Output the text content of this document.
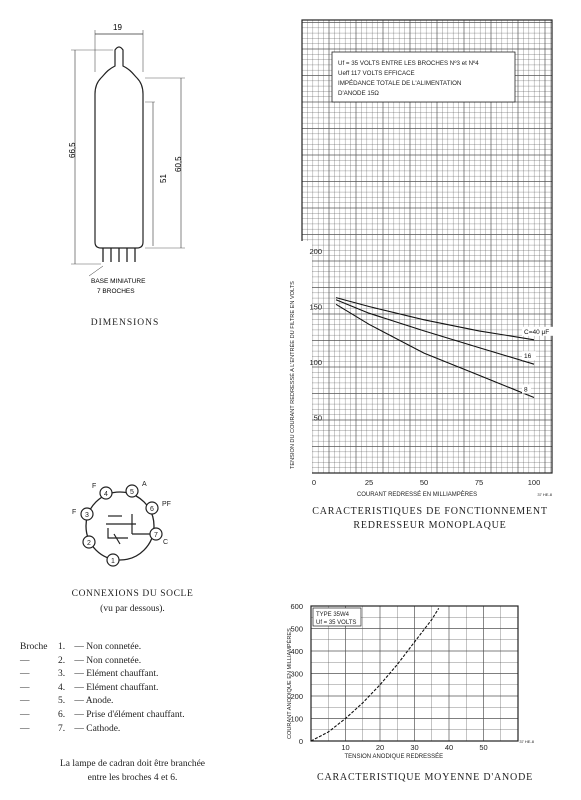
19
66,5
51
60,5
BASE MINIATURE
7 BROCHES
DIMENSIONS
1
2
3
4	5
6
7
F
F
A
PF
C
CONNEXIONS DU SOCLE
(vu par dessous).
Broche 1. — Non connetée.
—	2. — Non connetée.
—	3. — Elément chauffant.
—	4. — Elément chauffant.
—	5. — Anode.
—	6. — Prise d'élément chauffant.
—	7. — Cathode.
La lampe de cadran doit être branchée
entre les broches 4 et 6.
Uf = 35 VOLTS ENTRE LES BROCHES Nº3 et Nº4
Ueff 117 VOLTS EFFICACE
IMPÉDANCE TOTALE DE L'ALIMENTATION
D'ANODE 15Ω
TENSION DU COURANT REDRESSÉ A L'ENTRÉE DU FILTRE EN VOLTS 50
100
150
200
0	25	50	75	100
COURANT REDRESSÉ EN MILLIAMPÈRES	37 HE-8
C=40 μF
16
8
CARACTERISTIQUES DE FONCTIONNEMENT
REDRESSEUR MONOPLAQUE
TYPE 35W4
Uf = 35 VOLTS
0
100
200
300
400
500
600
COURANT ANODIQUE EN MILLIAMPÈRES
10	20	30	40	50
TENSION ANODIQUE REDRESSÉE
37 HE-8
CARACTERISTIQUE MOYENNE D'ANODE
